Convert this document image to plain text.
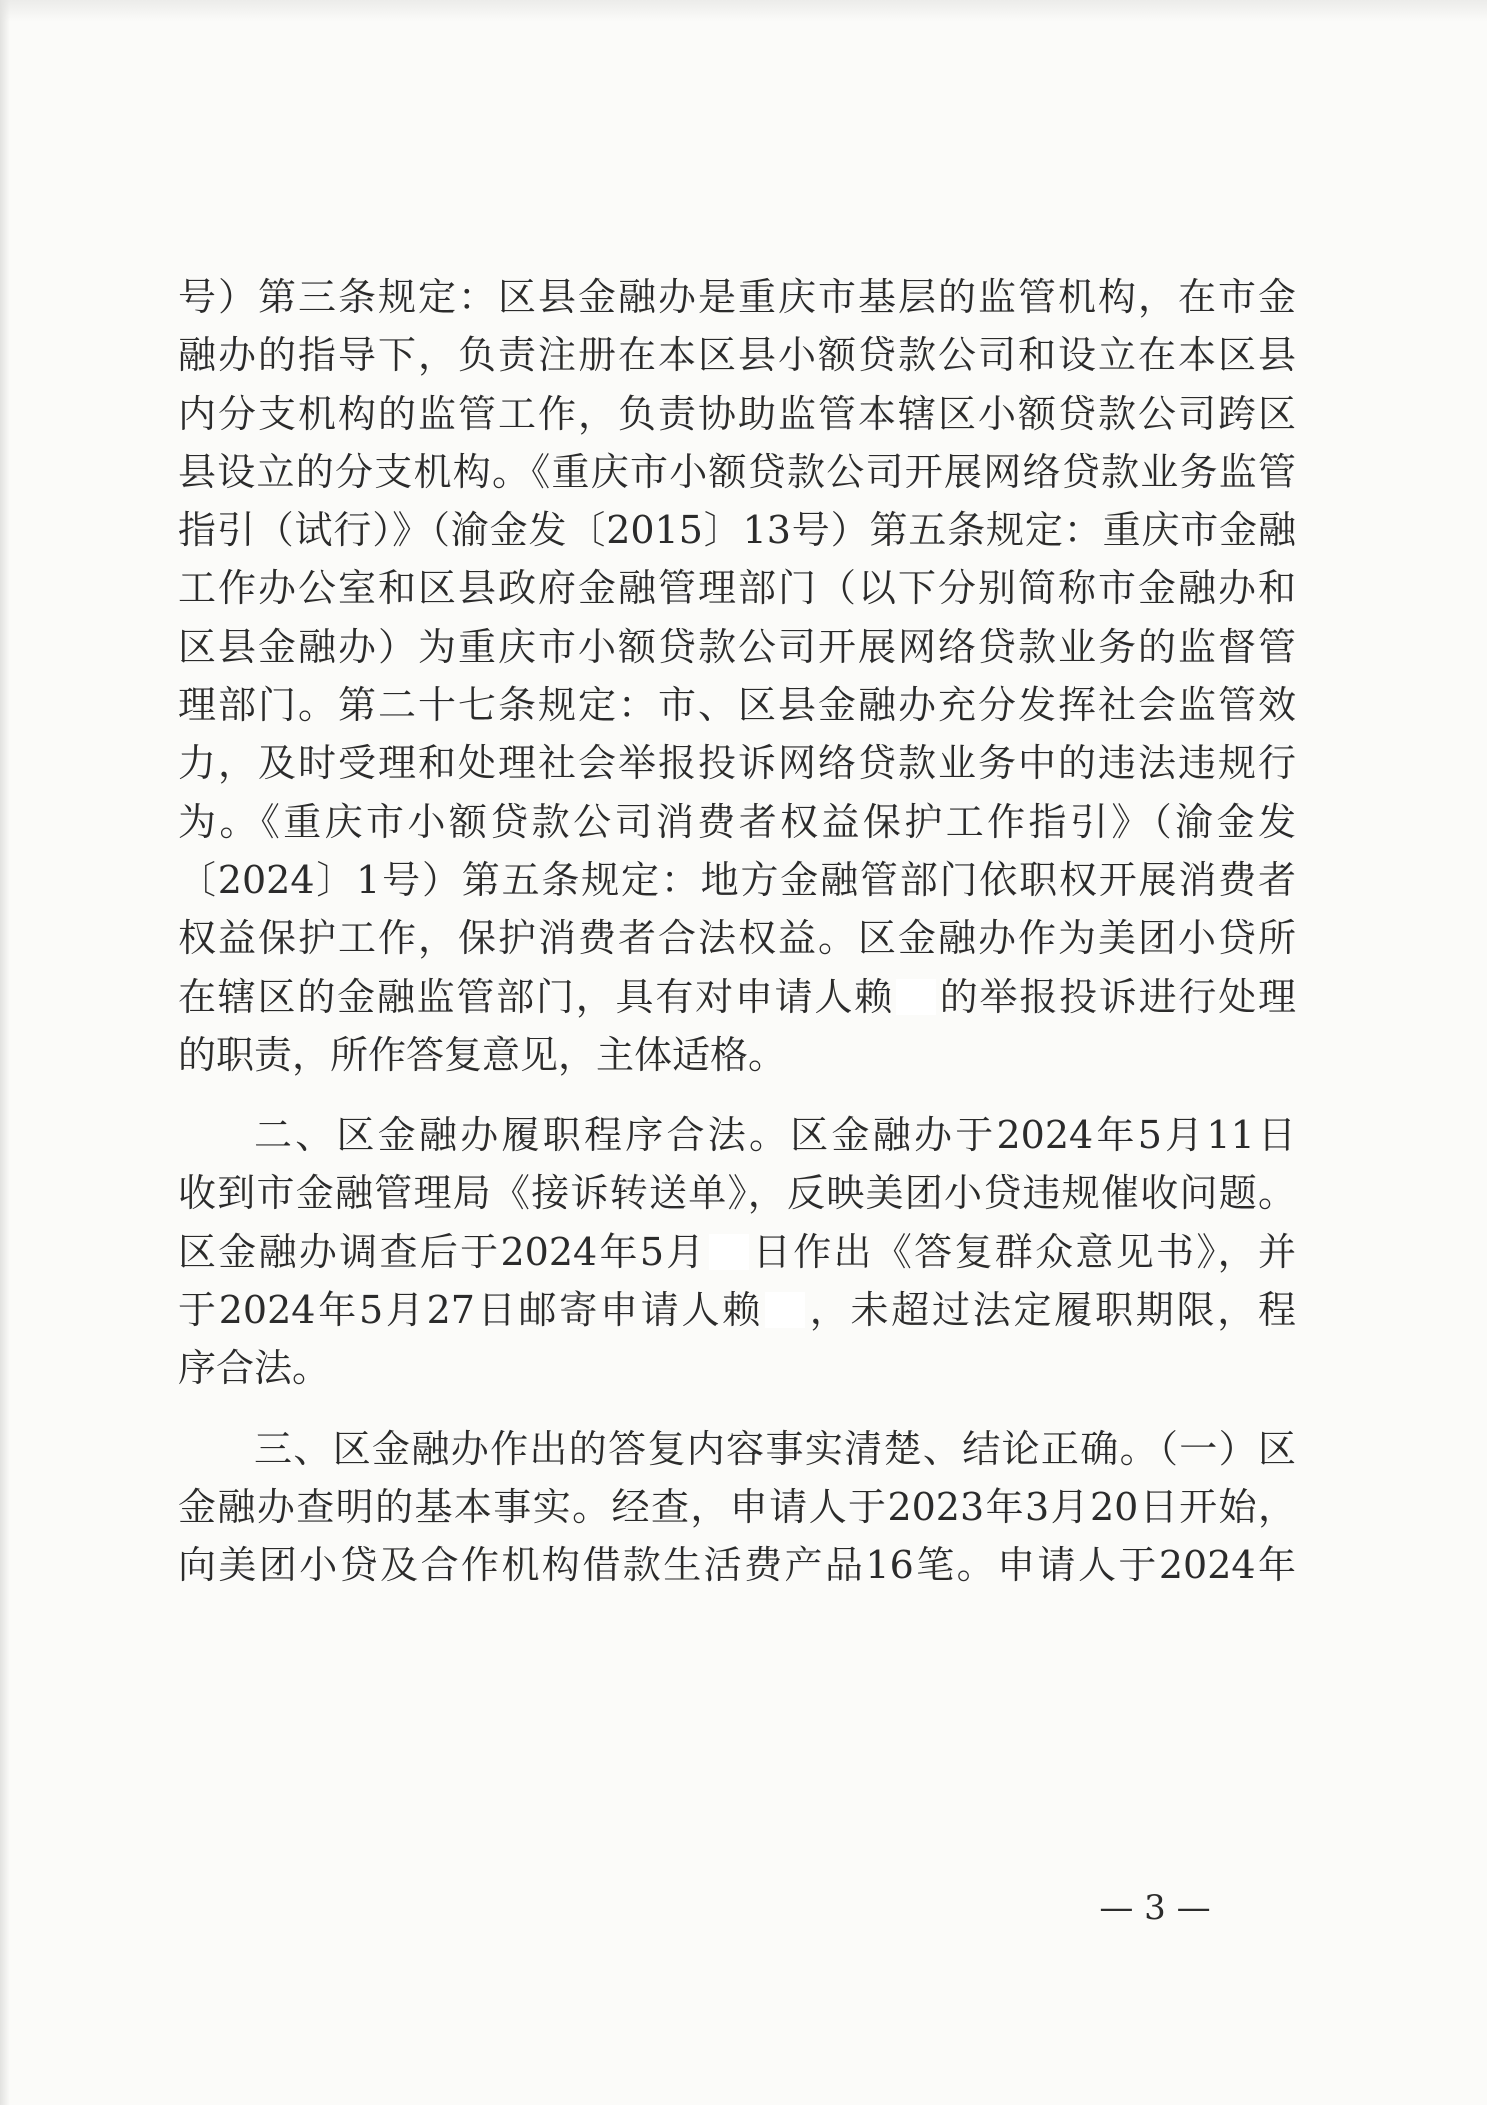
号）第三条规定：区县金融办是重庆市基层的监管机构，在市金
融办的指导下，负责注册在本区县小额贷款公司和设立在本区县
内分支机构的监管工作，负责协助监管本辖区小额贷款公司跨区
县设立的分支机构。《重庆市小额贷款公司开展网络贷款业务监管
指引（试行）》（渝金发〔2015〕13号）第五条规定：重庆市金融
工作办公室和区县政府金融管理部门（以下分别简称市金融办和
区县金融办）为重庆市小额贷款公司开展网络贷款业务的监督管
理部门。第二十七条规定：市、区县金融办充分发挥社会监管效
力，及时受理和处理社会举报投诉网络贷款业务中的违法违规行
为。《重庆市小额贷款公司消费者权益保护工作指引》（渝金发
〔2024〕1号）第五条规定：地方金融管部门依职权开展消费者
权益保护工作，保护消费者合法权益。区金融办作为美团小贷所
在辖区的金融监管部门，具有对申请人赖 的举报投诉进行处理
的职责，所作答复意见，主体适格。
二、区金融办履职程序合法。区金融办于2024年5月11日
收到市金融管理局《接诉转送单》，反映美团小贷违规催收问题。
区金融办调查后于2024年5月 日作出《答复群众意见书》，并
于2024年5月27日邮寄申请人赖 ，未超过法定履职期限，程
序合法。
三、区金融办作出的答复内容事实清楚、结论正确。（一）区
金融办查明的基本事实。经查，申请人于2023年3月20日开始，
向美团小贷及合作机构借款生活费产品16笔。申请人于2024年
— 3 —
